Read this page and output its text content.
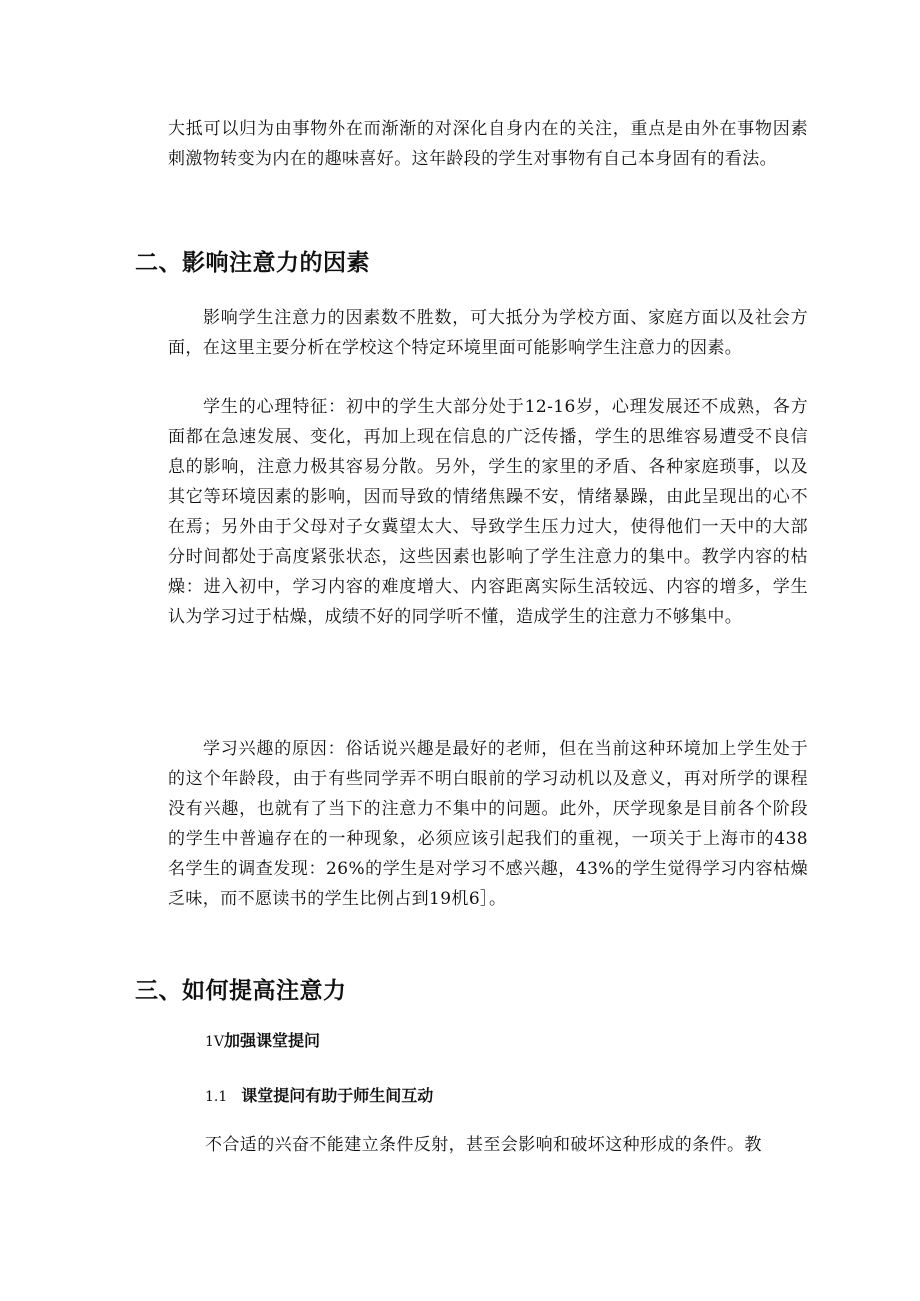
大抵可以归为由事物外在而渐渐的对深化自身内在的关注，重点是由外在事物因素刺激物转变为内在的趣味喜好。这年龄段的学生对事物有自己本身固有的看法。

二、影响注意力的因素

影响学生注意力的因素数不胜数，可大抵分为学校方面、家庭方面以及社会方面，在这里主要分析在学校这个特定环境里面可能影响学生注意力的因素。

学生的心理特征：初中的学生大部分处于12-16岁，心理发展还不成熟，各方面都在急速发展、变化，再加上现在信息的广泛传播，学生的思维容易遭受不良信息的影响，注意力极其容易分散。另外，学生的家里的矛盾、各种家庭琐事，以及其它等环境因素的影响，因而导致的情绪焦躁不安，情绪暴躁，由此呈现出的心不在焉；另外由于父母对子女冀望太大、导致学生压力过大，使得他们一天中的大部分时间都处于高度紧张状态，这些因素也影响了学生注意力的集中。教学内容的枯燥：进入初中，学习内容的难度增大、内容距离实际生活较远、内容的增多，学生认为学习过于枯燥，成绩不好的同学听不懂，造成学生的注意力不够集中。

学习兴趣的原因：俗话说兴趣是最好的老师，但在当前这种环境加上学生处于的这个年龄段，由于有些同学弄不明白眼前的学习动机以及意义，再对所学的课程没有兴趣，也就有了当下的注意力不集中的问题。此外，厌学现象是目前各个阶段的学生中普遍存在的一种现象，必须应该引起我们的重视，一项关于上海市的438名学生的调查发现：26%的学生是对学习不感兴趣，43%的学生觉得学习内容枯燥乏味，而不愿读书的学生比例占到19机6］。

三、如何提高注意力
1V加强课堂提问
1.1 课堂提问有助于师生间互动

不合适的兴奋不能建立条件反射，甚至会影响和破坏这种形成的条件。教
